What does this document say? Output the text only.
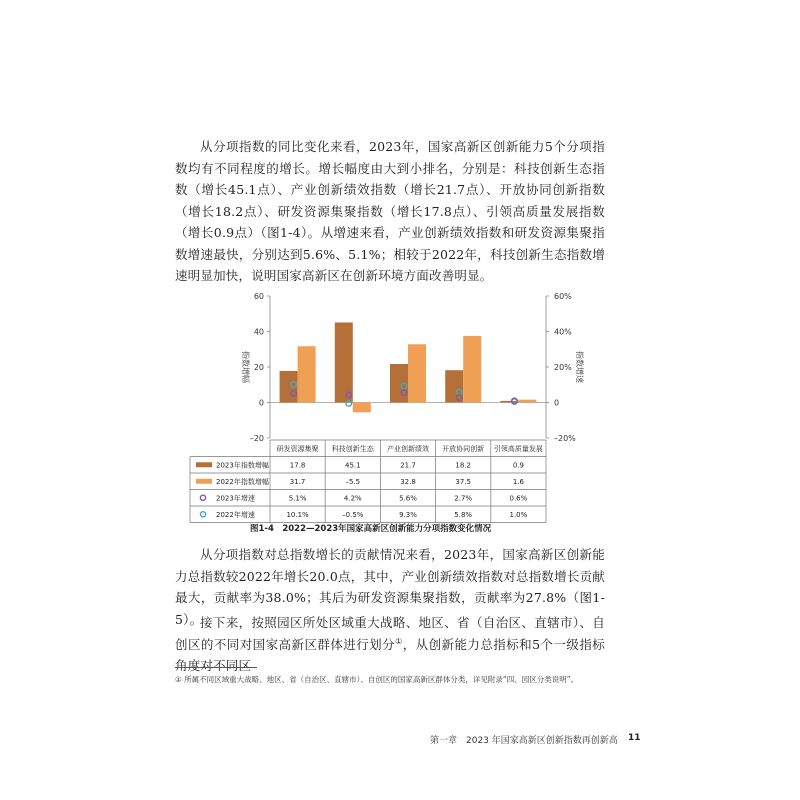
从分项指数的同比变化来看，2023年，国家高新区创新能力5个分项指数均有不同程度的增长。增长幅度由大到小排名，分别是：科技创新生态指数（增长45.1点）、产业创新绩效指数（增长21.7点）、开放协同创新指数（增长18.2点）、研发资源集聚指数（增长17.8点）、引领高质量发展指数（增长0.9点）（图1-4）。从增速来看，产业创新绩效指数和研发资源集聚指数增速最快，分别达到5.6%、5.1%；相较于2022年，科技创新生态指数增速明显加快，说明国家高新区在创新环境方面改善明显。

60	60%
40	40%
20	20%
0	0
–20	–20%
指数增幅	指数增速
研发资源集聚 科技创新生态 产业创新绩效 开放协同创新 引领高质量发展
2023年指数增幅	17.8	45.1	21.7	18.2	0.9
2022年指数增幅	31.7	–5.5	32.8	37.5	1.6
2023年增速	5.1%	4.2%	5.6%	2.7%	0.6%
2022年增速	10.1%	–0.5%	9.3%	5.8%	1.0%
图1-4　2022—2023年国家高新区创新能力分项指数变化情况

从分项指数对总指数增长的贡献情况来看，2023年，国家高新区创新能力总指数较2022年增长20.0点，其中，产业创新绩效指数对总指数增长贡献最大，贡献率为38.0%；其后为研发资源集聚指数，贡献率为27.8%（图1-5）。

接下来，按照园区所处区域重大战略、地区、省（自治区、直辖市）、自创区的不同对国家高新区群体进行划分①，从创新能力总指标和5个一级指标角度对不同区

① 所属不同区域重大战略、地区、省（自治区、直辖市）、自创区的国家高新区群体分类，详见附录“四、园区分类说明”。

第一章　2023 年国家高新区创新指数再创新高 11
